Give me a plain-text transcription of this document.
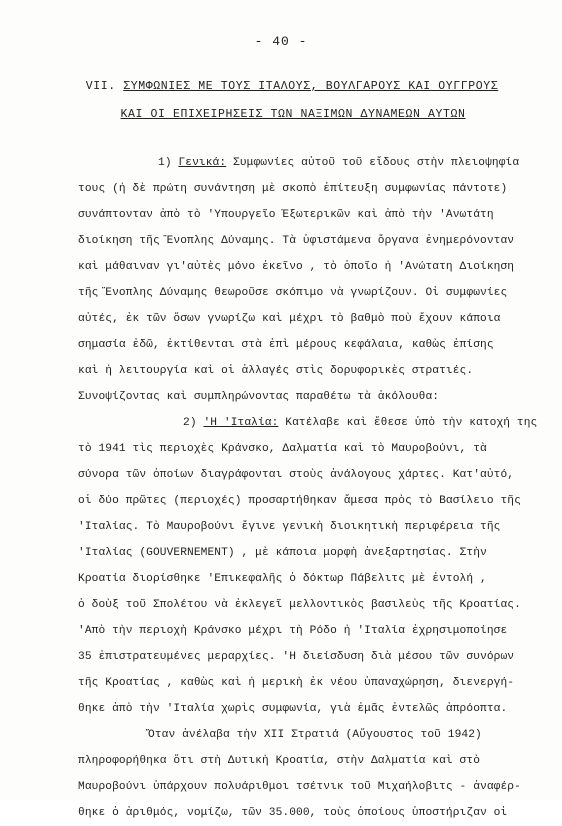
- 40 -
VII. ΣΥΜΦΩΝΙΕΣ ΜΕ ΤΟΥΣ ΙΤΑΛΟΥΣ, ΒΟΥΛΓΑΡΟΥΣ ΚΑΙ ΟΥΓΓΡΟΥΣ
ΚΑΙ ΟΙ ΕΠΙΧΕΙΡΗΣΕΙΣ ΤΩΝ ΝΑΞΙΜΩΝ ΔΥΝΑΜΕΩΝ ΑΥΤΩΝ
1) Γενικά: Συμφωνίες αὐτοῦ τοῦ εἴδους στὴν πλειοψηφία
τους (ἡ δὲ πρώτη συνάντηση μὲ σκοπὸ ἐπίτευξη συμφωνίας πάντοτε)
συνάπτονταν ἀπὸ τὸ 'Υπουργεῖο Ἐξωτερικῶν καὶ ἀπὸ τὴν 'Ανωτάτη
διοίκηση τῆς Ἔνοπλης Δύναμης. Τὰ ὑφιστάμενα ὄργανα ἐνημερόνονταν
καὶ μάθαιναν γι'αὐτὲς μόνο ἐκεῖνο , τὸ ὁποῖο ἡ 'Ανώτατη Διοίκηση
τῆς Ἔνοπλης Δύναμης θεωροῦσε σκόπιμο νὰ γνωρίζουν. Οἱ συμφωνίες
αὐτές, ἐκ τῶν ὅσων γνωρίζω καὶ μέχρι τὸ βαθμὸ ποὺ ἔχουν κάποια
σημασία ἐδῶ, ἐκτίθενται στὰ ἐπὶ μέρους κεφάλαια, καθὼς ἐπίσης
καὶ ἡ λειτουργία καὶ οἱ ἀλλαγές στὶς δορυφορικὲς στρατιές.
Συνοψίζοντας καὶ συμπληρώνοντας παραθέτω τὰ ἀκόλουθα:
2) 'Η 'Ιταλία: Κατέλαβε καὶ ἔθεσε ὑπὸ τὴν κατοχή της
τὸ 1941 τὶς περιοχὲς Κράνσκο, Δαλματία καὶ τὸ Μαυροβούνι, τὰ
σύνορα τῶν ὁποίων διαγράφονται στοὺς ἀνάλογους χάρτες. Κατ'αὐτό,
οἱ δύο πρῶτες (περιοχές) προσαρτήθηκαν ἄμεσα πρὸς τὸ Βασίλειο τῆς
'Ιταλίας. Τὸ Μαυροβούνι ἔγινε γενικὴ διοικητικὴ περιφέρεια τῆς
'Ιταλίας (GOUVERNEMENT) , μὲ κάποια μορφὴ ἀνεξαρτησίας. Στὴν
Κροατία διορίσθηκε 'Επικεφαλῆς ὁ δόκτωρ Πάβελιτς μὲ ἐντολή ,
ὁ δοὺξ τοῦ Σπολέτου νὰ ἐκλεγεῖ μελλοντικὸς βασιλεὺς τῆς Κροατίας.
'Απὸ τὴν περιοχὴ Κράνσκο μέχρι τὴ Ρόδο ἡ 'Ιταλία ἐχρησιμοποίησε
35 ἐπιστρατευμένες μεραρχίες. 'Η διείσδυση διὰ μέσου τῶν συνόρων
τῆς Κροατίας , καθὼς καὶ ἡ μερικὴ ἐκ νέου ὑπαναχώρηση, διενεργή-
θηκε ἀπὸ τὴν 'Ιταλία χωρὶς συμφωνία, γιὰ ἐμᾶς ἐντελῶς ἀπρόοπτα.
Ὅταν ἀνέλαβα τὴν XII Στρατιά (Αὔγουστος τοῦ 1942)
πληροφορήθηκα ὅτι στὴ Δυτικὴ Κροατία, στὴν Δαλματία καὶ στὸ
Μαυροβούνι ὑπάρχουν πολυάριθμοι τσέτνικ τοῦ Μιχαήλοβιτς - ἀναφέρ-
θηκε ὁ ἀριθμός, νομίζω, τῶν 35.000, τοὺς ὁποίους ὑποστήριζαν οἱ
